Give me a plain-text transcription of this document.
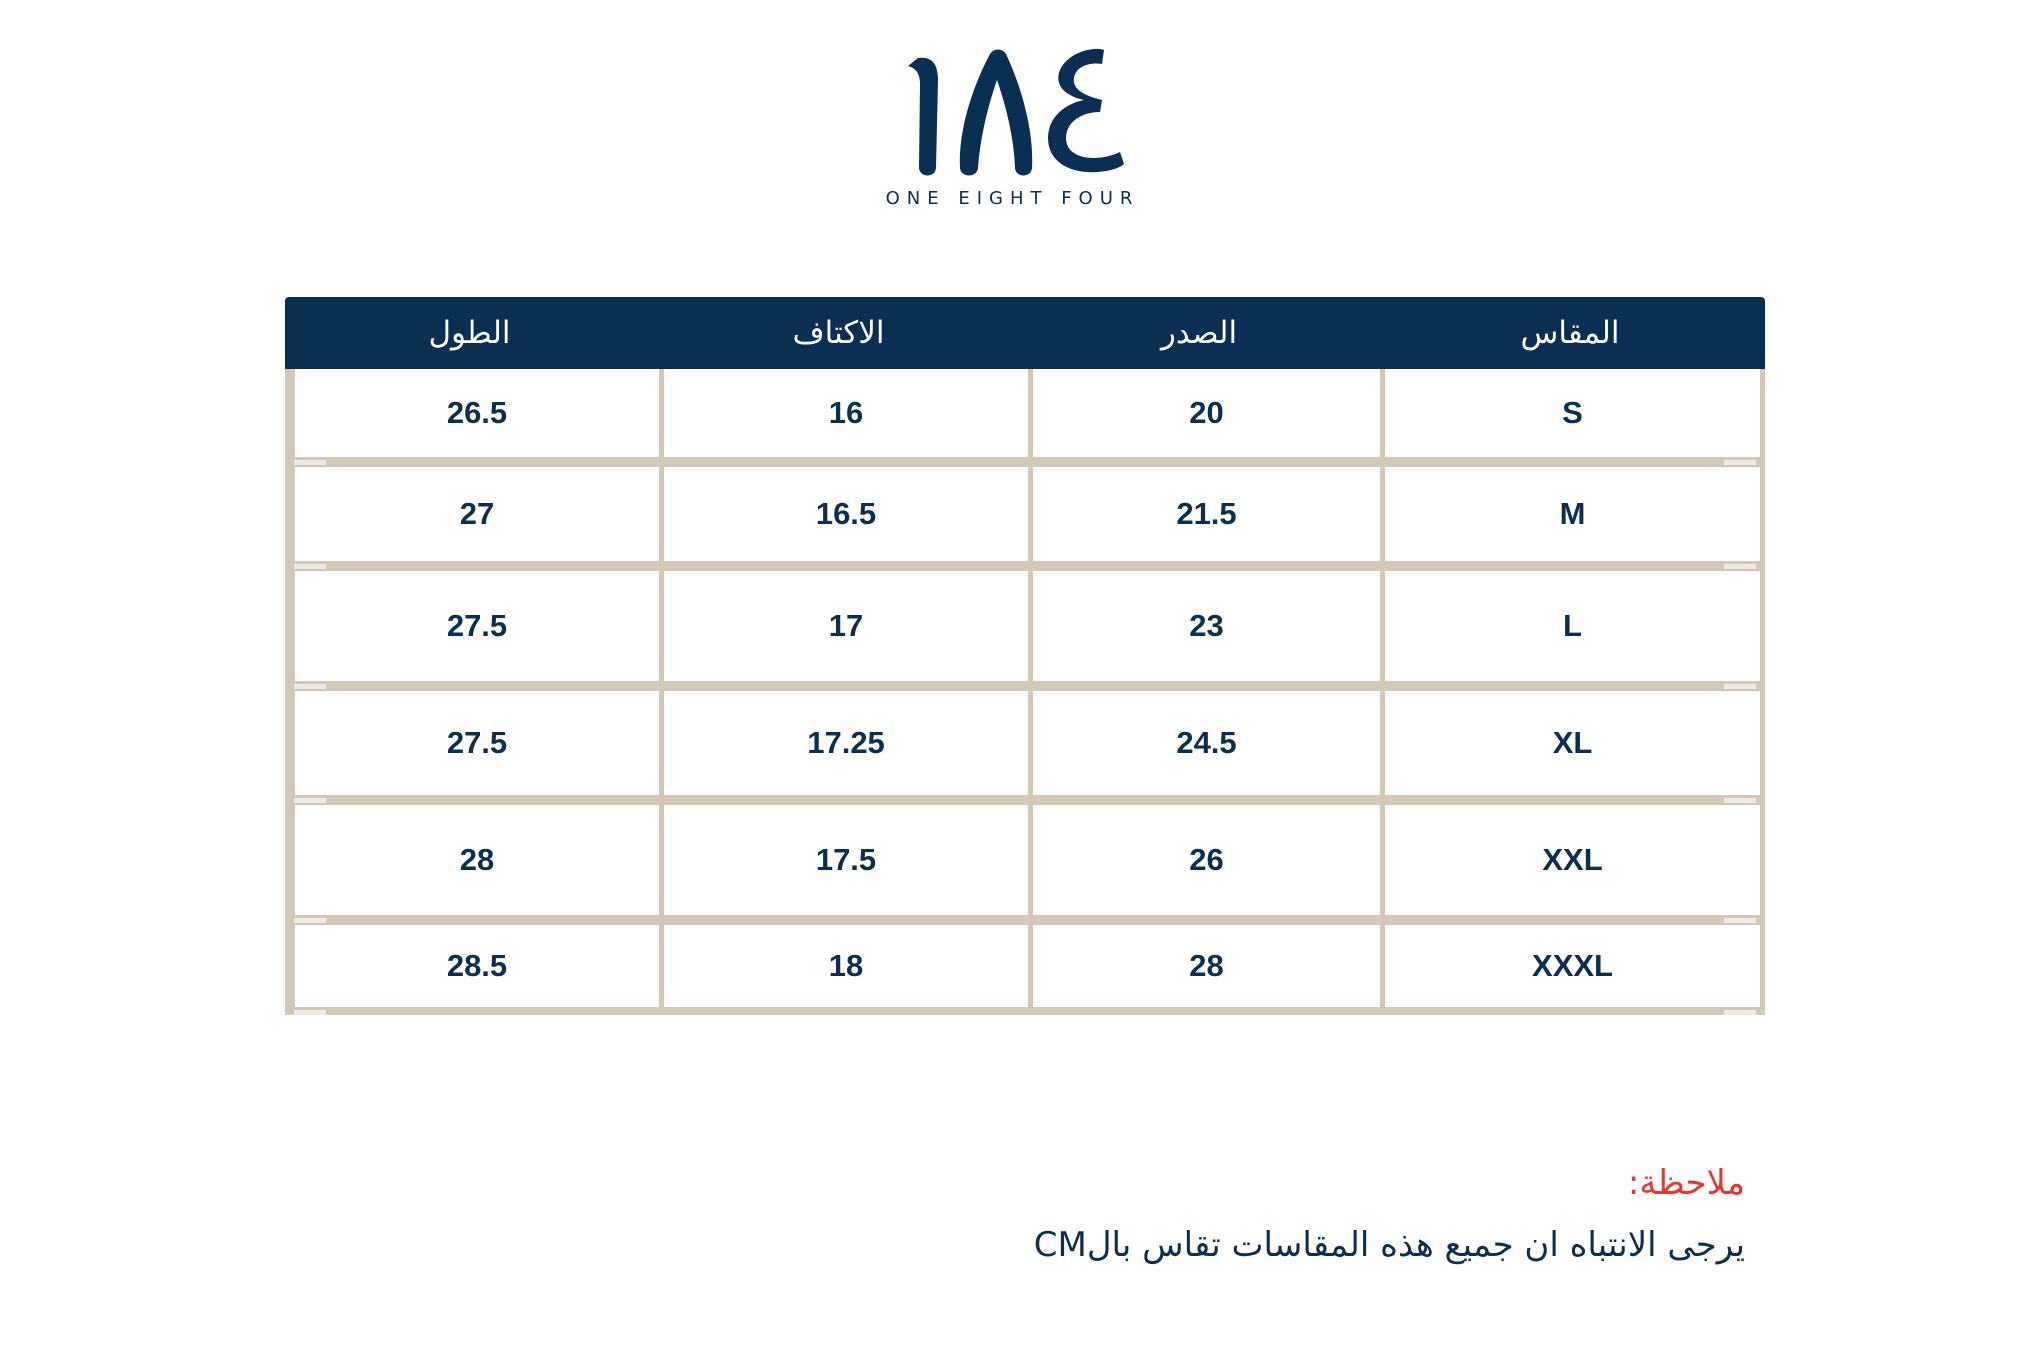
ONE EIGHT FOUR
المقاس
الصدر
الاكتاف
الطول
S
20
16
26.5
M
21.5
16.5
27
L
23
17
27.5
XL
24.5
17.25
27.5
XXL
26
17.5
28
XXXL
28
18
28.5
ملاحظة:
يرجى الانتباه ان جميع هذه المقاسات تقاس بالCM
